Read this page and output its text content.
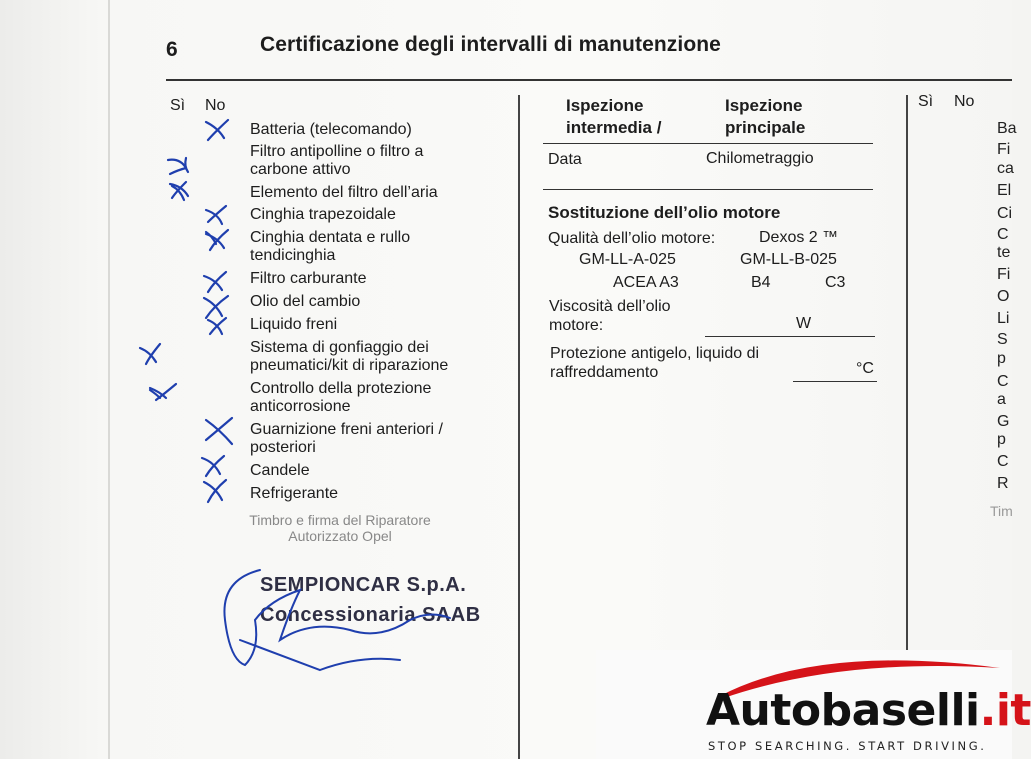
6	Certificazione degli intervalli di manutenzione
Sì No
Batteria (telecomando)
Filtro antipolline o filtro a
carbone attivo
Elemento del filtro dell’aria
Cinghia trapezoidale
Cinghia dentata e rullo
tendicinghia
Filtro carburante
Olio del cambio
Liquido freni
Sistema di gonfiaggio dei
pneumatici/kit di riparazione
Controllo della protezione
anticorrosione
Guarnizione freni anteriori /
posteriori
Candele
Refrigerante
Timbro e firma del Riparatore
Autorizzato Opel
SEMPIONCAR S.p.A.
Concessionaria SAAB
Ispezione
intermedia /
Ispezione
principale
Data	Chilometraggio
Sostituzione dell’olio motore
Qualità dell’olio motore:	Dexos 2 ™
GM-LL-A-025	GM-LL-B-025
ACEA A3	B4	C3
Viscosità dell’olio
motore:	W
Protezione antigelo, liquido di
raffreddamento	°C
Sì No
Ba
Fi
ca
El
Ci
C
te
Fi
O
Li
S
p
C
a
G
p
C
R
Tim
Autobaselli.it
STOP SEARCHING. START DRIVING.
